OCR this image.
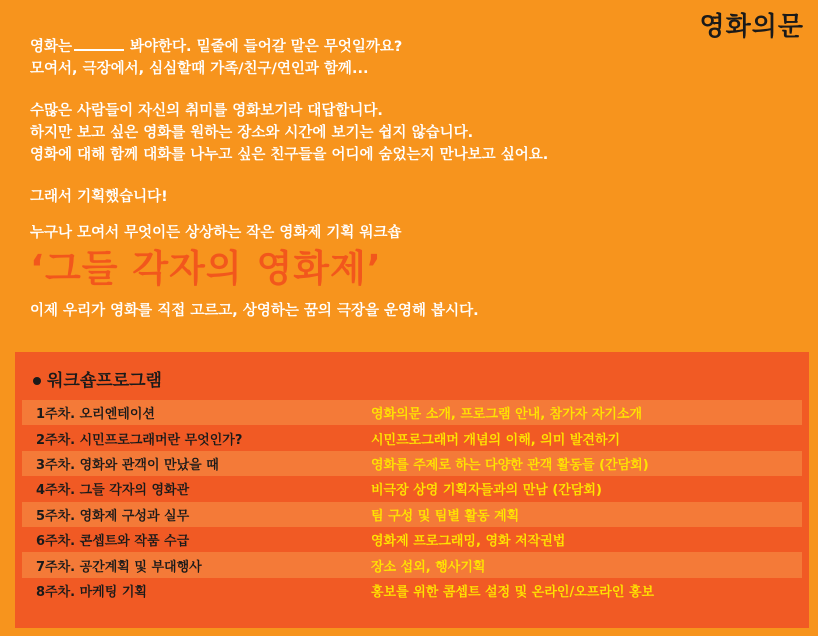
영화의문

영화는	봐야한다. 밑줄에 들어갈 말은 무엇일까요?

모여서, 극장에서, 심심할때 가족/친구/연인과 함께...

수많은 사람들이 자신의 취미를 영화보기라 대답합니다.

하지만 보고 싶은 영화를 원하는 장소와 시간에 보기는 쉽지 않습니다.

영화에 대해 함께 대화를 나누고 싶은 친구들을 어디에 숨었는지 만나보고 싶어요.

그래서 기획했습니다!

누구나 모여서 무엇이든 상상하는 작은 영화제 기획 워크숍

‘그들 각자의 영화제’

이제 우리가 영화를 직접 고르고, 상영하는 꿈의 극장을 운영해 봅시다.

워크숍프로그램
1주차. 오리엔테이션	영화의문 소개, 프로그램 안내, 참가자 자기소개
2주차. 시민프로그래머란 무엇인가?	시민프로그래머 개념의 이해, 의미 발견하기
3주차. 영화와 관객이 만났을 때	영화를 주제로 하는 다양한 관객 활동들 (간담회)
4주차. 그들 각자의 영화관	비극장 상영 기획자들과의 만남 (간담회)
5주차. 영화제 구성과 실무	팀 구성 및 팀별 활동 계획
6주차. 콘셉트와 작품 수급	영화제 프로그래밍, 영화 저작권법
7주차. 공간계획 및 부대행사	장소 섭외, 행사기획
8주차. 마케팅 기획	홍보를 위한 콤셉트 설정 및 온라인/오프라인 홍보
